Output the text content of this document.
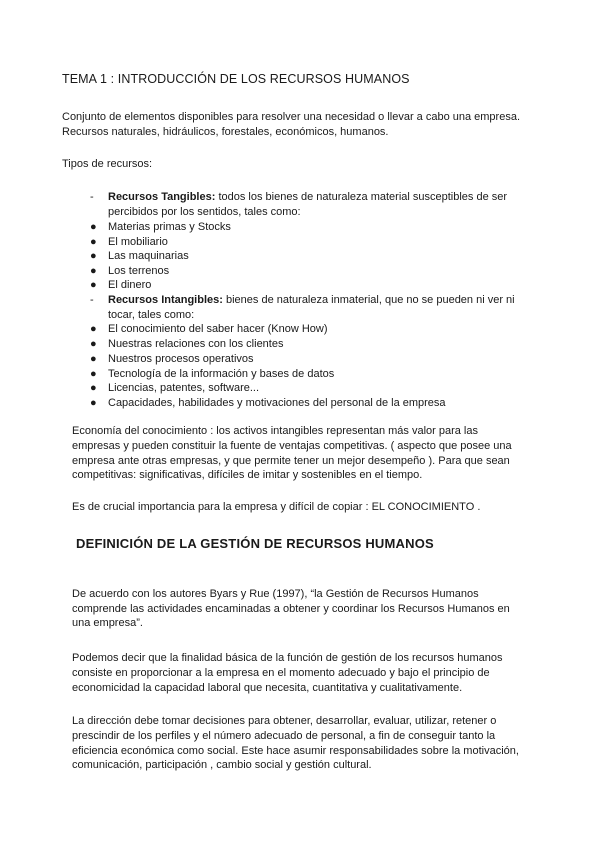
TEMA 1 : INTRODUCCIÓN DE LOS RECURSOS HUMANOS
Conjunto de elementos disponibles para resolver una necesidad o llevar a cabo una empresa.
Recursos naturales, hidráulicos, forestales, económicos, humanos.
Tipos de recursos:
- Recursos Tangibles: todos los bienes de naturaleza material susceptibles de ser
percibidos por los sentidos, tales como:
● Materias primas y Stocks
● El mobiliario
● Las maquinarias
● Los terrenos
● El dinero
- Recursos Intangibles: bienes de naturaleza inmaterial, que no se pueden ni ver ni
tocar, tales como:
● El conocimiento del saber hacer (Know How)
● Nuestras relaciones con los clientes
● Nuestros procesos operativos
● Tecnología de la información y bases de datos
● Licencias, patentes, software...
● Capacidades, habilidades y motivaciones del personal de la empresa
Economía del conocimiento : los activos intangibles representan más valor para las
empresas y pueden constituir la fuente de ventajas competitivas. ( aspecto que posee una
empresa ante otras empresas, y que permite tener un mejor desempeño ). Para que sean
competitivas: significativas, difíciles de imitar y sostenibles en el tiempo.
Es de crucial importancia para la empresa y difícil de copiar : EL CONOCIMIENTO .
DEFINICIÓN DE LA GESTIÓN DE RECURSOS HUMANOS
De acuerdo con los autores Byars y Rue (1997), “la Gestión de Recursos Humanos
comprende las actividades encaminadas a obtener y coordinar los Recursos Humanos en
una empresa”.
Podemos decir que la finalidad básica de la función de gestión de los recursos humanos
consiste en proporcionar a la empresa en el momento adecuado y bajo el principio de
economicidad la capacidad laboral que necesita, cuantitativa y cualitativamente.
La dirección debe tomar decisiones para obtener, desarrollar, evaluar, utilizar, retener o
prescindir de los perfiles y el número adecuado de personal, a fin de conseguir tanto la
eficiencia económica como social. Este hace asumir responsabilidades sobre la motivación,
comunicación, participación , cambio social y gestión cultural.
